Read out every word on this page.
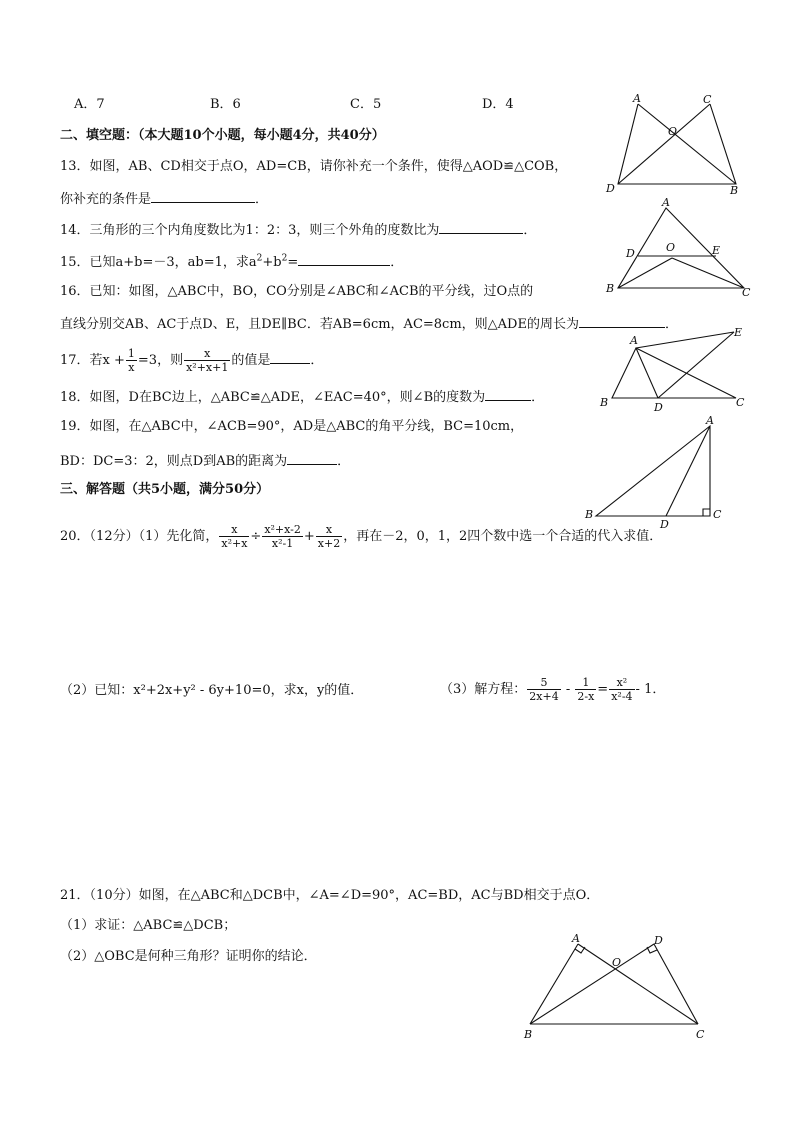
A．7	B．6	C．5	D．4
二、填空题：（本大题10个小题，每小题4分，共40分）
13．如图，AB、CD相交于点O，AD=CB，请你补充一个条件，使得△AOD≌△COB，
你补充的条件是	．
14．三角形的三个内角度数比为1：2：3，则三个外角的度数比为	．
15．已知a+b=－3，ab=1，求$a^2+b^2=$	．
16．已知：如图，△ABC中，BO，CO分别是∠ABC和∠ACB的平分线，过O点的
直线分别交AB、AC于点D、E，且DE∥BC．若AB=6cm，AC=8cm，则△ADE的周长为	．
17．若$x + \frac{1}{x} =3$，则 $\frac{x}{\text{x²+x+1}}$ 的值是	．
18．如图，D在BC边上，△ABC≌△ADE，∠EAC=40°，则∠B的度数为	．
19．如图，在△ABC中，∠ACB=90°，AD是△ABC的角平分线，BC=10cm，
BD：DC=3：2，则点D到AB的距离为	．
三、解答题（共5小题，满分50分）
20．（12分）（1）先化简， $\frac{x}{\text{x²+x}} \div \frac{\text{x²+x-2}}{\text{x²-1}} + \frac{x}{x+2}$ ，再在－2，0，1，2四个数中选一个合适的代入求值．
（2）已知：x²+2x+y² - 6y+10=0，求x，y的值．	（3）解方程： $\frac{5}{2x+4} - \frac{1}{2-x} = \frac{\text{x²}}{\text{x²-4}} - 1$．
21．（10分）如图，在△ABC和△DCB中，∠A=∠D=90°，AC=BD，AC与BD相交于点O．
（1）求证：△ABC≌△DCB；
（2）△OBC是何种三角形？证明你的结论．
A	C
O
D	B
A
D	O	E
B	C
A
E
B	D	C
A
B
D
C
A	D
O
B	C
